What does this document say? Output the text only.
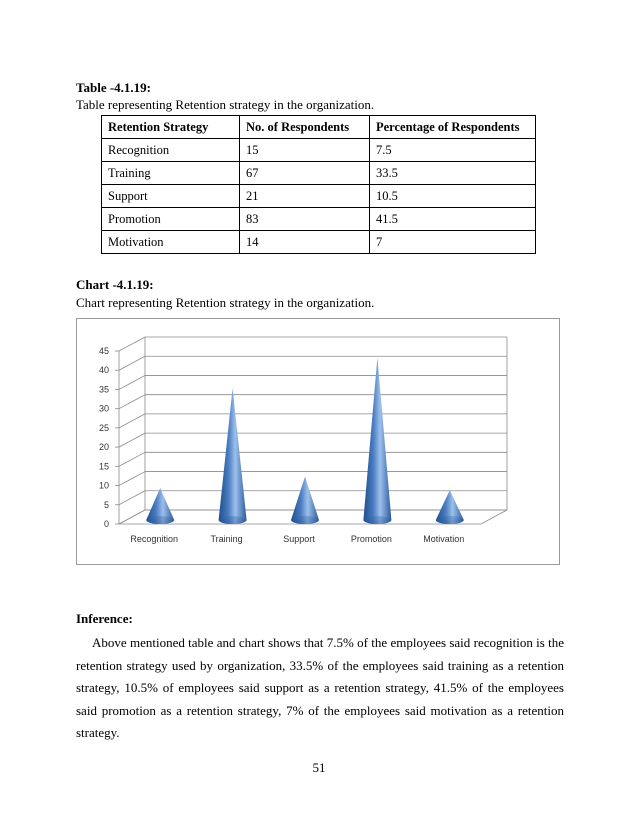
Table -4.1.19:
Table representing Retention strategy in the organization.
Retention Strategy	No. of Respondents	Percentage of Respondents
Recognition	15	7.5
Training	67	33.5
Support	21	10.5
Promotion	83	41.5
Motivation	14	7
Chart -4.1.19:
Chart representing Retention strategy in the organization.
0
5
10
15
20
25
30
35
40
45
Recognition	Training	Support	Promotion	Motivation
Inference:
Above mentioned table and chart shows that 7.5% of the employees said recognition is the retention strategy used by organization, 33.5% of the employees said training as a retention strategy, 10.5% of employees said support as a retention strategy, 41.5% of the employees said promotion as a retention strategy, 7% of the employees said motivation as a retention strategy.
51
